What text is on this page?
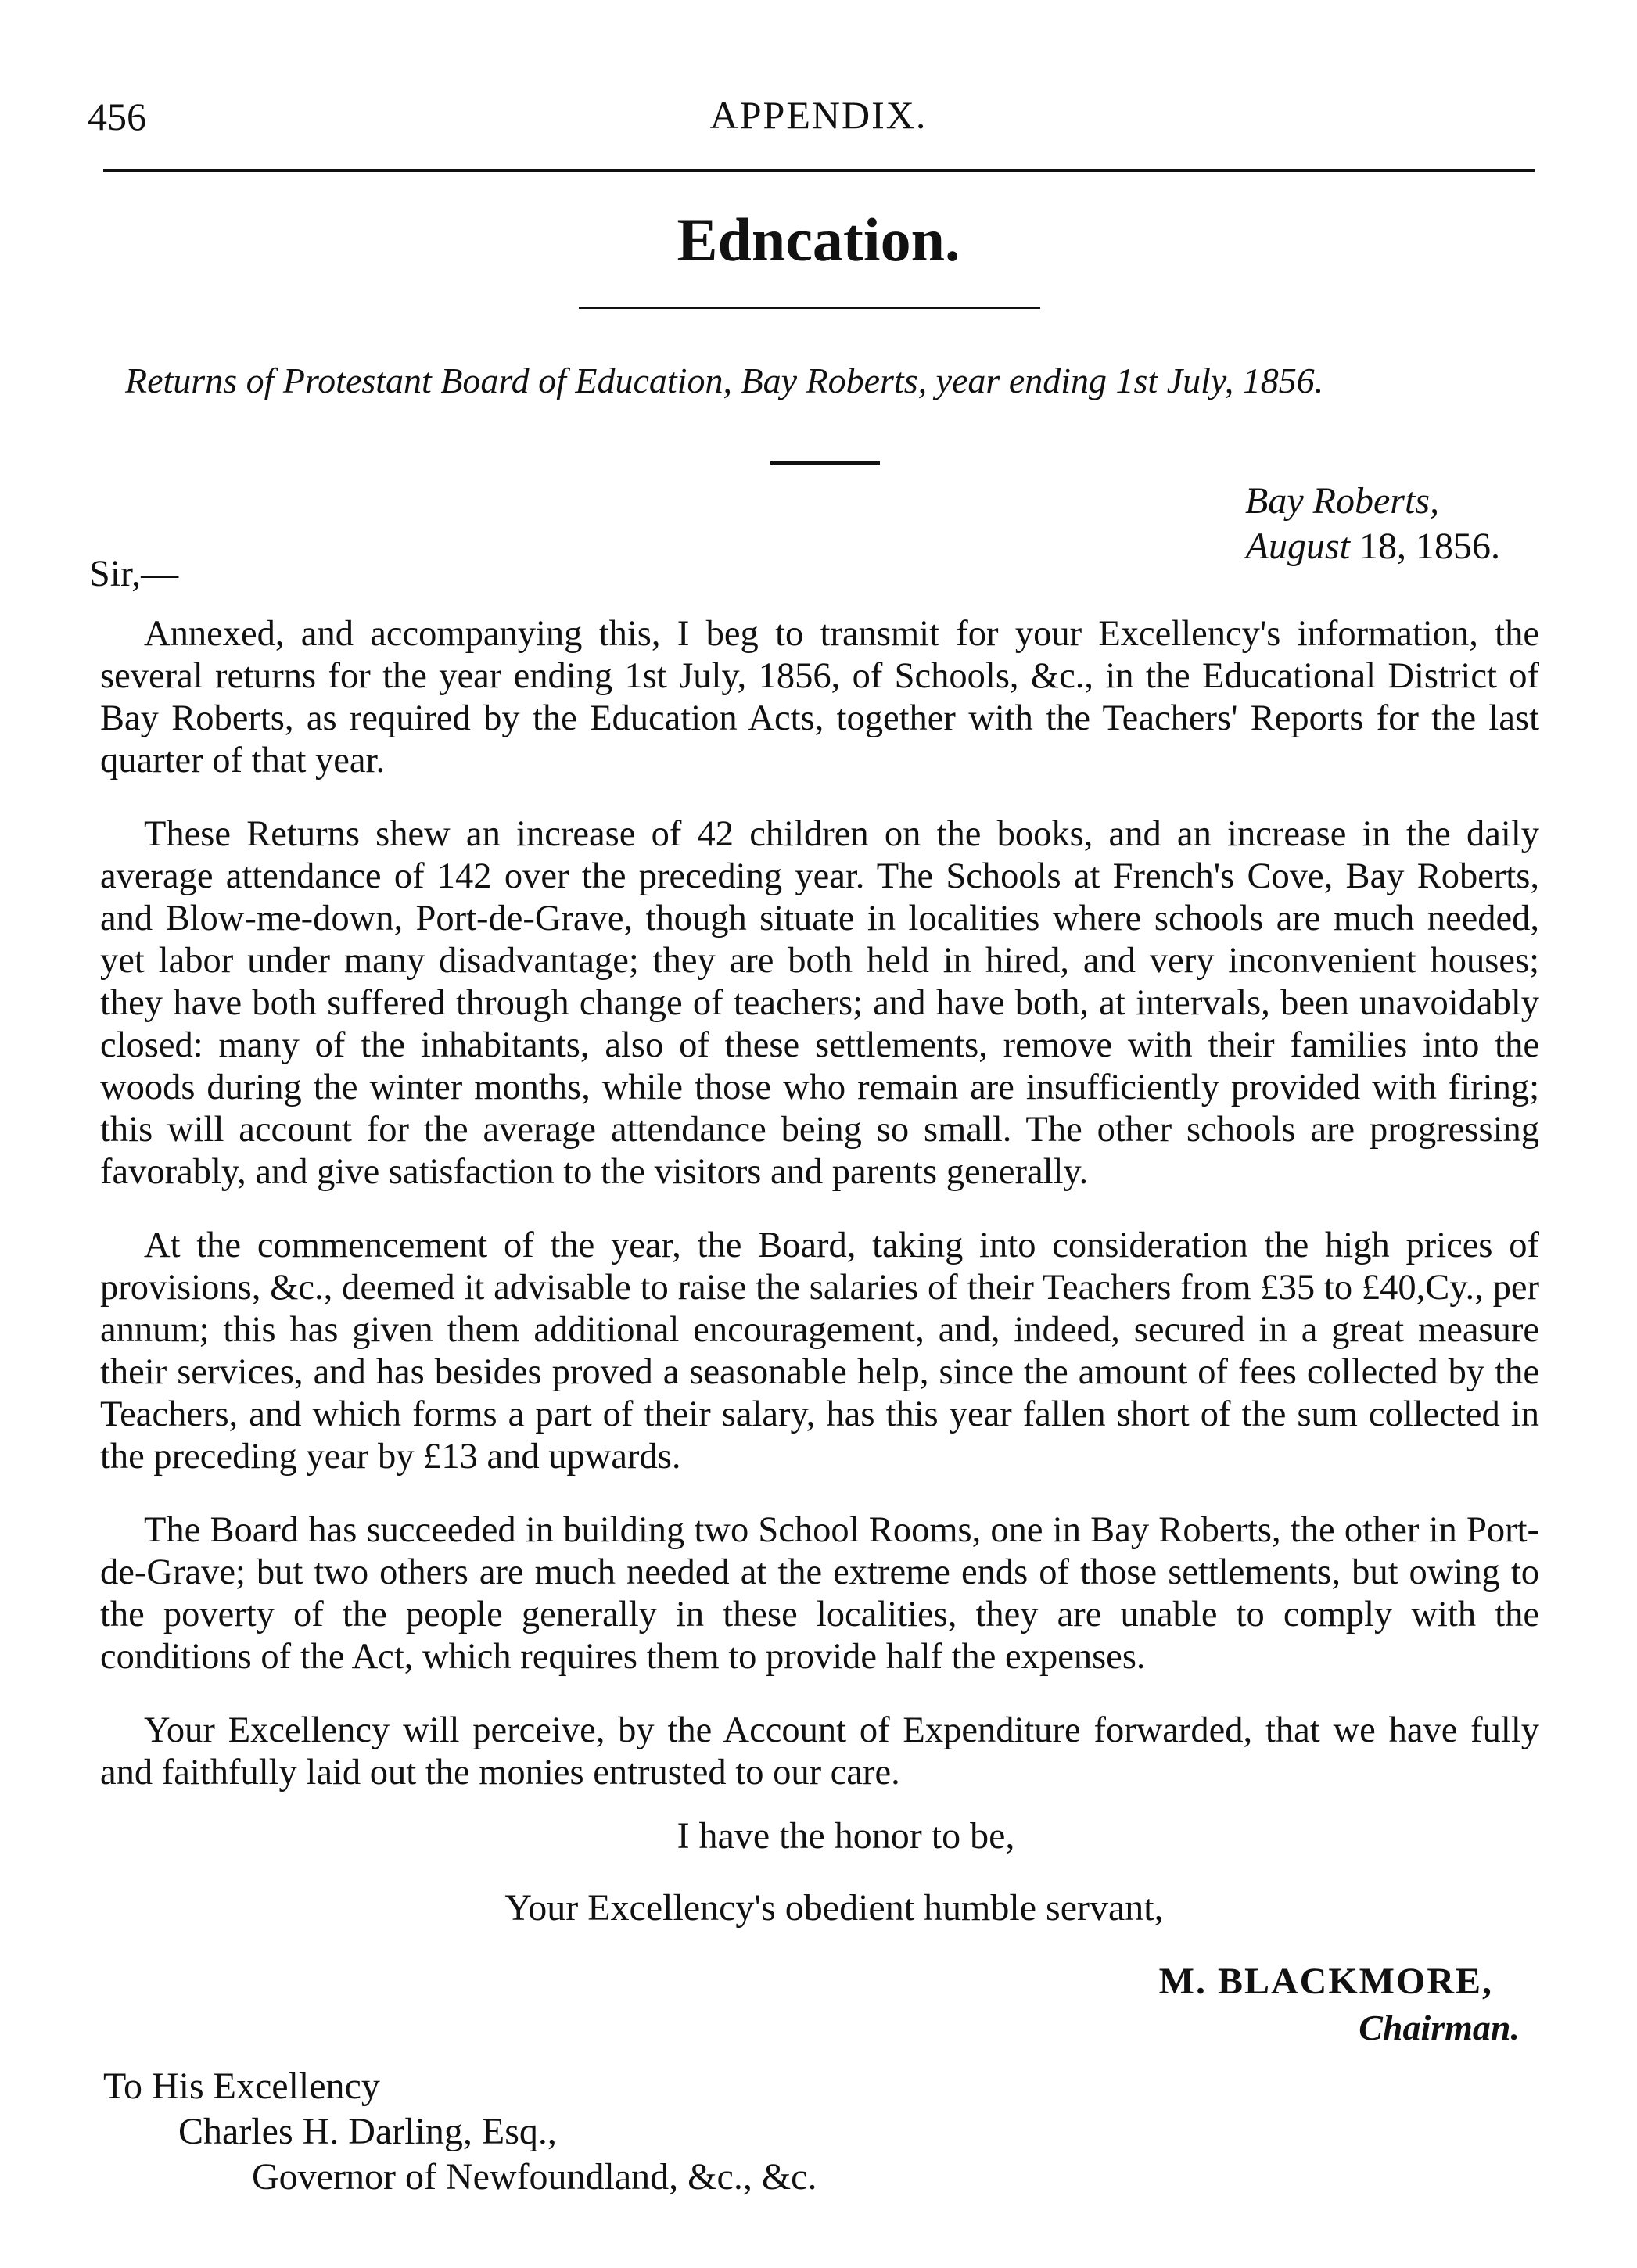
456	APPENDIX.
Edncation.
Returns of Protestant Board of Education, Bay Roberts, year ending 1st July, 1856.
Bay Roberts,
August 18, 1856.
Sir,—

Annexed, and accompanying this, I beg to transmit for your Excellency's information, the several returns for the year ending 1st July, 1856, of Schools, &c., in the Educational District of Bay Roberts, as required by the Education Acts, together with the Teachers' Reports for the last quarter of that year.

These Returns shew an increase of 42 children on the books, and an increase in the daily average attendance of 142 over the preceding year. The Schools at French's Cove, Bay Roberts, and Blow-me-down, Port-de-Grave, though situate in localities where schools are much needed, yet labor under many disadvantage; they are both held in hired, and very inconvenient houses; they have both suffered through change of teachers; and have both, at intervals, been unavoidably closed: many of the inhabitants, also of these settlements, remove with their families into the woods during the winter months, while those who remain are insufficiently provided with firing; this will account for the average attendance being so small. The other schools are progressing favorably, and give satisfaction to the visitors and parents generally.

At the commencement of the year, the Board, taking into consideration the high prices of provisions, &c., deemed it advisable to raise the salaries of their Teachers from £35 to £40,Cy., per annum; this has given them additional encouragement, and, indeed, secured in a great measure their services, and has besides proved a seasonable help, since the amount of fees collected by the Teachers, and which forms a part of their salary, has this year fallen short of the sum collected in the preceding year by £13 and upwards.

The Board has succeeded in building two School Rooms, one in Bay Roberts, the other in Port-de-Grave; but two others are much needed at the extreme ends of those settlements, but owing to the poverty of the people generally in these localities, they are unable to comply with the conditions of the Act, which requires them to provide half the expenses.

Your Excellency will perceive, by the Account of Expenditure forwarded, that we have fully and faithfully laid out the monies entrusted to our care.

I have the honor to be,
Your Excellency's obedient humble servant,
M. BLACKMORE,
Chairman.
To His Excellency
Charles H. Darling, Esq.,
Governor of Newfoundland, &c., &c.
